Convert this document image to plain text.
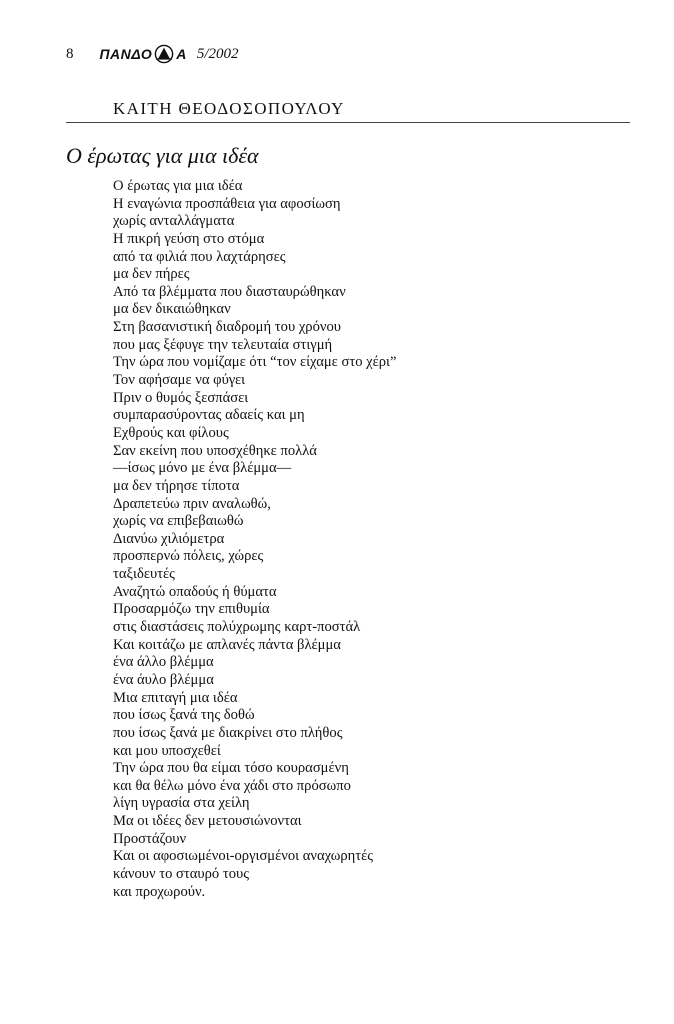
8 ΠΑΝΔΟ Α 5/2002
ΚΑΙΤΗ ΘΕΟΔΟΣΟΠΟΥΛΟΥ
Ο έρωτας για μια ιδέα
Ο έρωτας για μια ιδέα
Η εναγώνια προσπάθεια για αφοσίωση
χωρίς ανταλλάγματα
Η πικρή γεύση στο στόμα
από τα φιλιά που λαχτάρησες
μα δεν πήρες
Από τα βλέμματα που διασταυρώθηκαν
μα δεν δικαιώθηκαν
Στη βασανιστική διαδρομή του χρόνου
που μας ξέφυγε την τελευταία στιγμή
Την ώρα που νομίζαμε ότι “τον είχαμε στο χέρι”
Τον αφήσαμε να φύγει
Πριν ο θυμός ξεσπάσει
συμπαρασύροντας αδαείς και μη
Εχθρούς και φίλους
Σαν εκείνη που υποσχέθηκε πολλά
—ίσως μόνο με ένα βλέμμα—
μα δεν τήρησε τίποτα
Δραπετεύω πριν αναλωθώ,
χωρίς να επιβεβαιωθώ
Διανύω χιλιόμετρα
προσπερνώ πόλεις, χώρες
ταξιδευτές
Αναζητώ οπαδούς ή θύματα
Προσαρμόζω την επιθυμία
στις διαστάσεις πολύχρωμης καρτ-ποστάλ
Και κοιτάζω με απλανές πάντα βλέμμα
ένα άλλο βλέμμα
ένα άυλο βλέμμα
Μια επιταγή μια ιδέα
που ίσως ξανά της δοθώ
που ίσως ξανά με διακρίνει στο πλήθος
και μου υποσχεθεί
Την ώρα που θα είμαι τόσο κουρασμένη
και θα θέλω μόνο ένα χάδι στο πρόσωπο
λίγη υγρασία στα χείλη
Μα οι ιδέες δεν μετουσιώνονται
Προστάζουν
Και οι αφοσιωμένοι-οργισμένοι αναχωρητές
κάνουν το σταυρό τους
και προχωρούν.
